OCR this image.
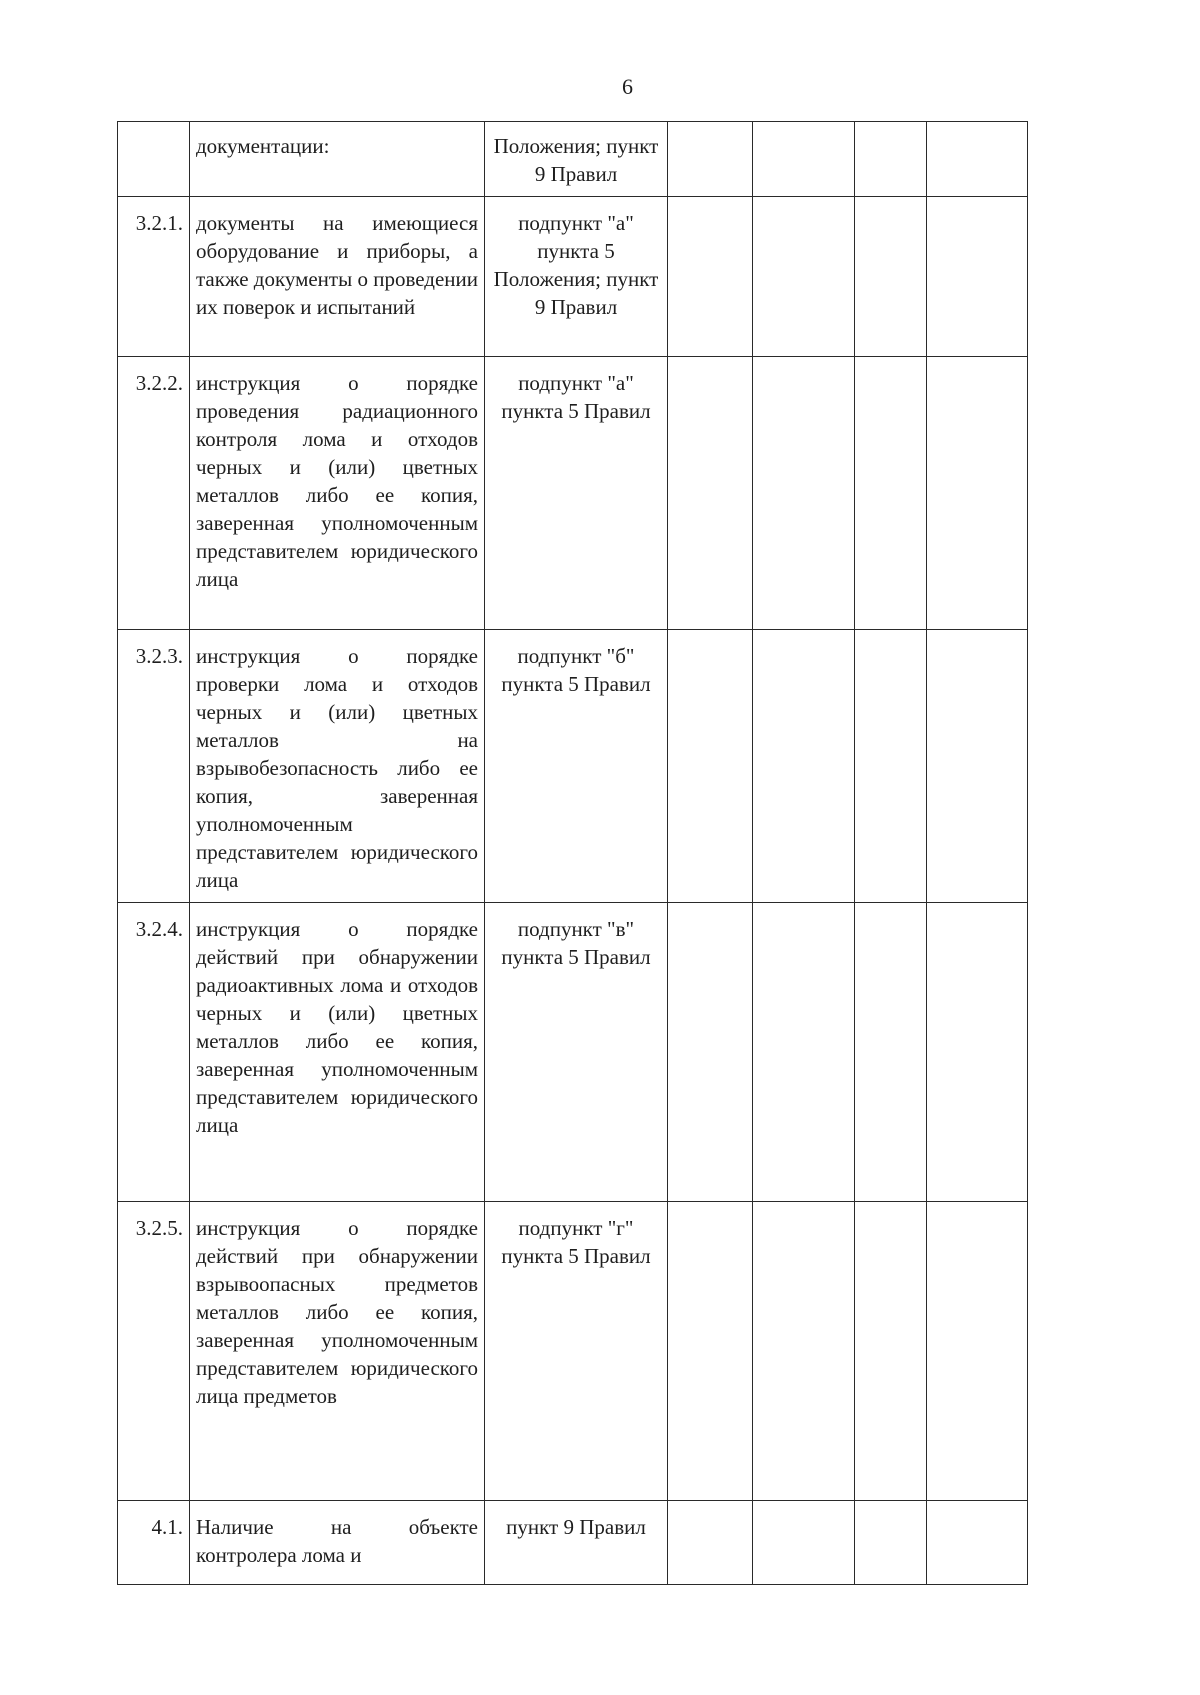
6
	документации:	Положения; пункт 9 Правил				
3.2.1.	документы на имеющиеся оборудование и приборы, а также документы о проведении их поверок и испытаний	подпункт "а" пункта 5 Положения; пункт 9 Правил				
3.2.2.	инструкция о порядке проведения радиационного контроля лома и отходов черных и (или) цветных металлов либо ее копия, заверенная уполномоченным представителем юридического лица	подпункт "а" пункта 5 Правил				
3.2.3.	инструкция о порядке проверки лома и отходов черных и (или) цветных металлов на взрывобезопасность либо ее копия, заверенная уполномоченным представителем юридического лица	подпункт "б" пункта 5 Правил				
3.2.4.	инструкция о порядке действий при обнаружении радиоактивных лома и отходов черных и (или) цветных металлов либо ее копия, заверенная уполномоченным представителем юридического лица	подпункт "в" пункта 5 Правил				
3.2.5.	инструкция о порядке действий при обнаружении взрывоопасных предметов металлов либо ее копия, заверенная уполномоченным представителем юридического лица предметов	подпункт "г" пункта 5 Правил				
4.1.	Наличие на объекте контролера лома и	пункт 9 Правил				
